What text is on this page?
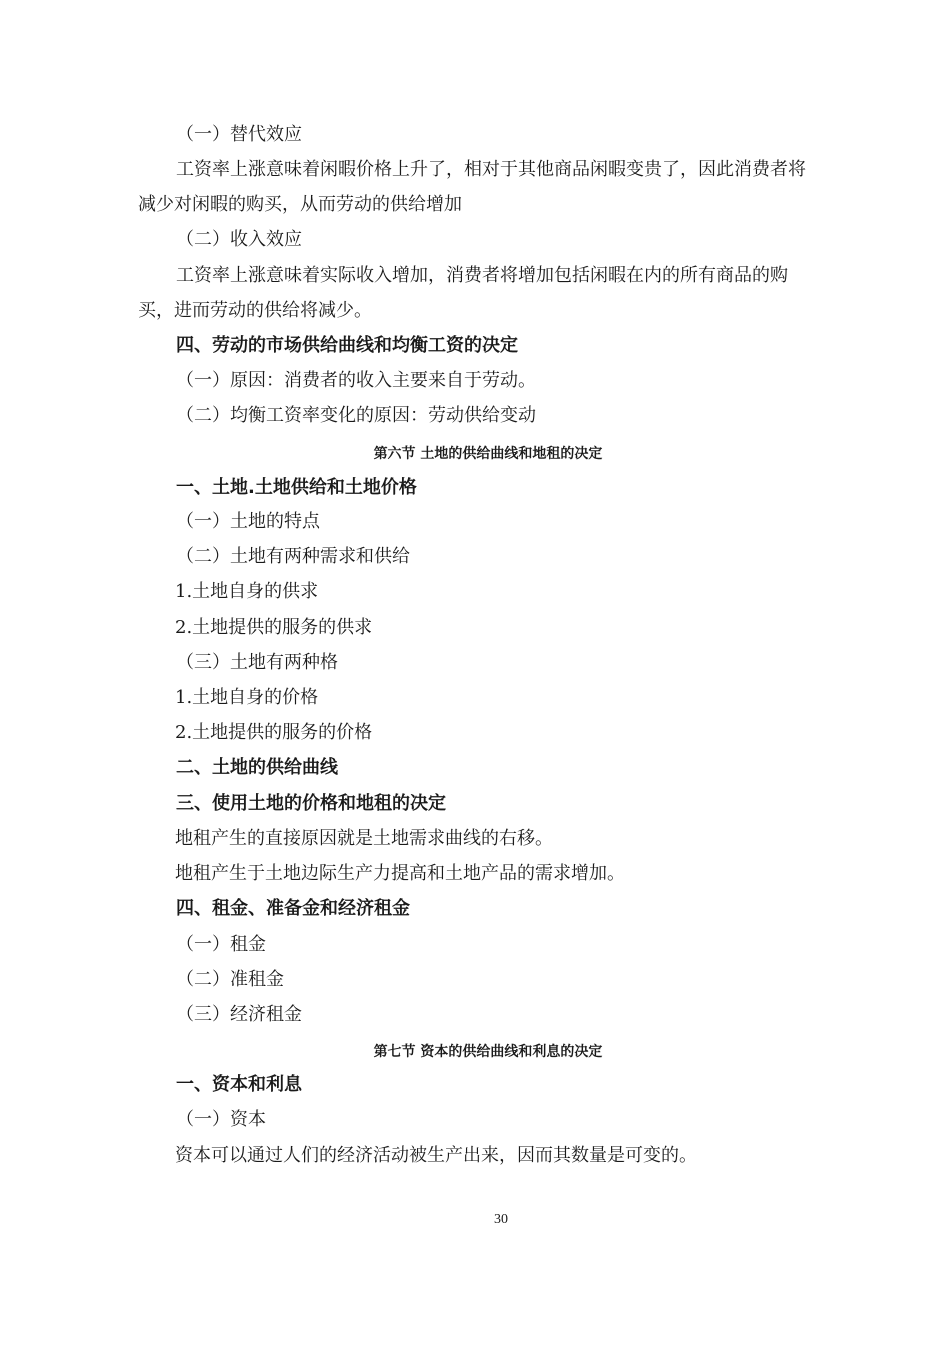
（一）替代效应
工资率上涨意味着闲暇价格上升了，相对于其他商品闲暇变贵了，因此消费者将
减少对闲暇的购买，从而劳动的供给增加
（二）收入效应
工资率上涨意味着实际收入增加，消费者将增加包括闲暇在内的所有商品的购
买，进而劳动的供给将减少。
四、劳动的市场供给曲线和均衡工资的决定
（一）原因：消费者的收入主要来自于劳动。
（二）均衡工资率变化的原因：劳动供给变动
第六节 土地的供给曲线和地租的决定
一、土地.土地供给和土地价格
（一）土地的特点
（二）土地有两种需求和供给
1.土地自身的供求
2.土地提供的服务的供求
（三）土地有两种格
1.土地自身的价格
2.土地提供的服务的价格
二、土地的供给曲线
三、使用土地的价格和地租的决定
地租产生的直接原因就是土地需求曲线的右移。
地租产生于土地边际生产力提高和土地产品的需求增加。
四、租金、准备金和经济租金
（一）租金
（二）准租金
（三）经济租金
第七节 资本的供给曲线和利息的决定
一、资本和利息
（一）资本
资本可以通过人们的经济活动被生产出来，因而其数量是可变的。
30
